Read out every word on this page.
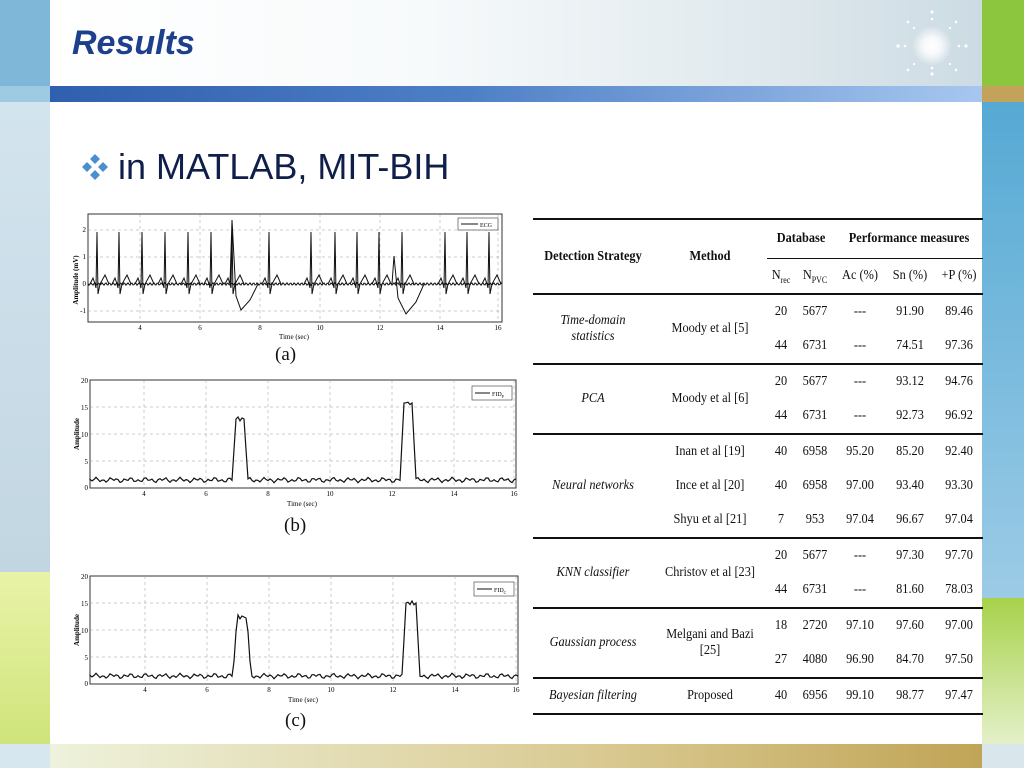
Results
in MATLAB, MIT-BIH
Amplitude (mV)
2
1
0
-1
4	6	8	10	12	14	16
Time (sec)
ECG
(a)
Amplitude
20
15
10
5
0
4	6	8	10	12	14	16
Time (sec)
$FID_P$
(b)
Amplitude
20
15
10
5
0
4	6	8	10	12	14	16
Time (sec)
$FID_C$
(c)
Detection Strategy	Method	Database		Performance measures		
		$N_{rec}$	$N_{PVC}$	Ac (%)	Sn (%)	+P (%)
Time-domain statistics	Moody et al [5]	20	5677	---	91.90	89.46
		44	6731	---	74.51	97.36
PCA	Moody et al [6]	20	5677	---	93.12	94.76
		44	6731	---	92.73	96.92
Neural networks	Inan et al [19]	40	6958	95.20	85.20	92.40
	Ince et al [20]	40	6958	97.00	93.40	93.30
	Shyu et al [21]	7	953	97.04	96.67	97.04
KNN classifier	Christov et al [23]	20	5677	---	97.30	97.70
		44	6731	---	81.60	78.03
Gaussian process	Melgani and Bazi [25]	18	2720	97.10	97.60	97.00
		27	4080	96.90	84.70	97.50
Bayesian filtering	Proposed	40	6956	99.10	98.77	97.47
